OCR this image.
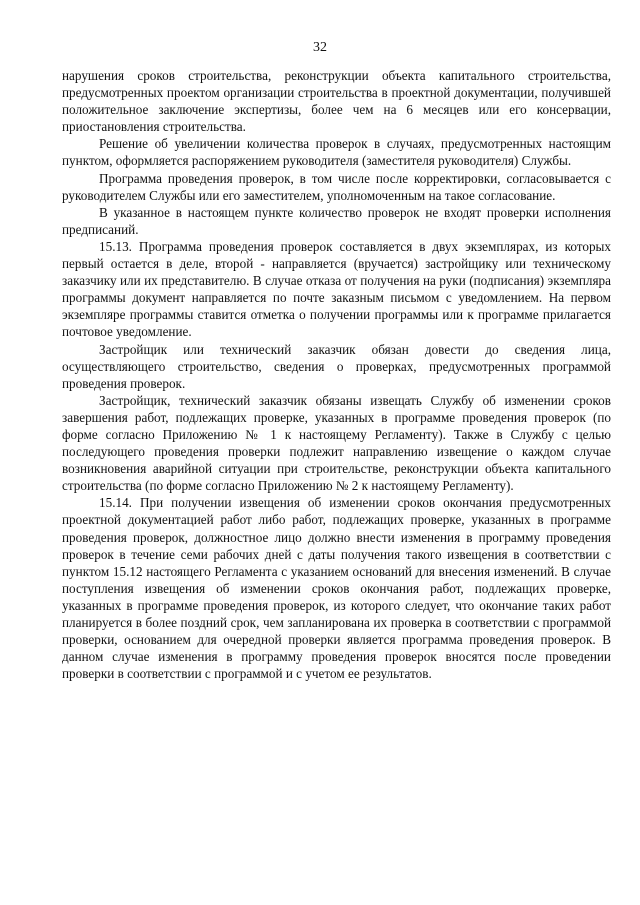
32

нарушения сроков строительства, реконструкции объекта капитального строительства, предусмотренных проектом организации строительства в проектной документации, получившей положительное заключение экспертизы, более чем на 6 месяцев или его консервации, приостановления строительства.

Решение об увеличении количества проверок в случаях, предусмотренных настоящим пунктом, оформляется распоряжением руководителя (заместителя руководителя) Службы.

Программа проведения проверок, в том числе после корректировки, согласовывается с руководителем Службы или его заместителем, уполномоченным на такое согласование.

В указанное в настоящем пункте количество проверок не входят проверки исполнения предписаний.

15.13. Программа проведения проверок составляется в двух экземплярах, из которых первый остается в деле, второй - направляется (вручается) застройщику или техническому заказчику или их представителю. В случае отказа от получения на руки (подписания) экземпляра программы документ направляется по почте заказным письмом с уведомлением. На первом экземпляре программы ставится отметка о получении программы или к программе прилагается почтовое уведомление.

Застройщик или технический заказчик обязан довести до сведения лица, осуществляющего строительство, сведения о проверках, предусмотренных программой проведения проверок.

Застройщик, технический заказчик обязаны извещать Службу об изменении сроков завершения работ, подлежащих проверке, указанных в программе проведения проверок (по форме согласно Приложению № 1 к настоящему Регламенту). Также в Службу с целью последующего проведения проверки подлежит направлению извещение о каждом случае возникновения аварийной ситуации при строительстве, реконструкции объекта капитального строительства (по форме согласно Приложению № 2 к настоящему Регламенту).

15.14. При получении извещения об изменении сроков окончания предусмотренных проектной документацией работ либо работ, подлежащих проверке, указанных в программе проведения проверок, должностное лицо должно внести изменения в программу проведения проверок в течение семи рабочих дней с даты получения такого извещения в соответствии с пунктом 15.12 настоящего Регламента с указанием оснований для внесения изменений. В случае поступления извещения об изменении сроков окончания работ, подлежащих проверке, указанных в программе проведения проверок, из которого следует, что окончание таких работ планируется в более поздний срок, чем запланирована их проверка в соответствии с программой проверки, основанием для очередной проверки является программа проведения проверок. В данном случае изменения в программу проведения проверок вносятся после проведении проверки в соответствии с программой и с учетом ее результатов.
